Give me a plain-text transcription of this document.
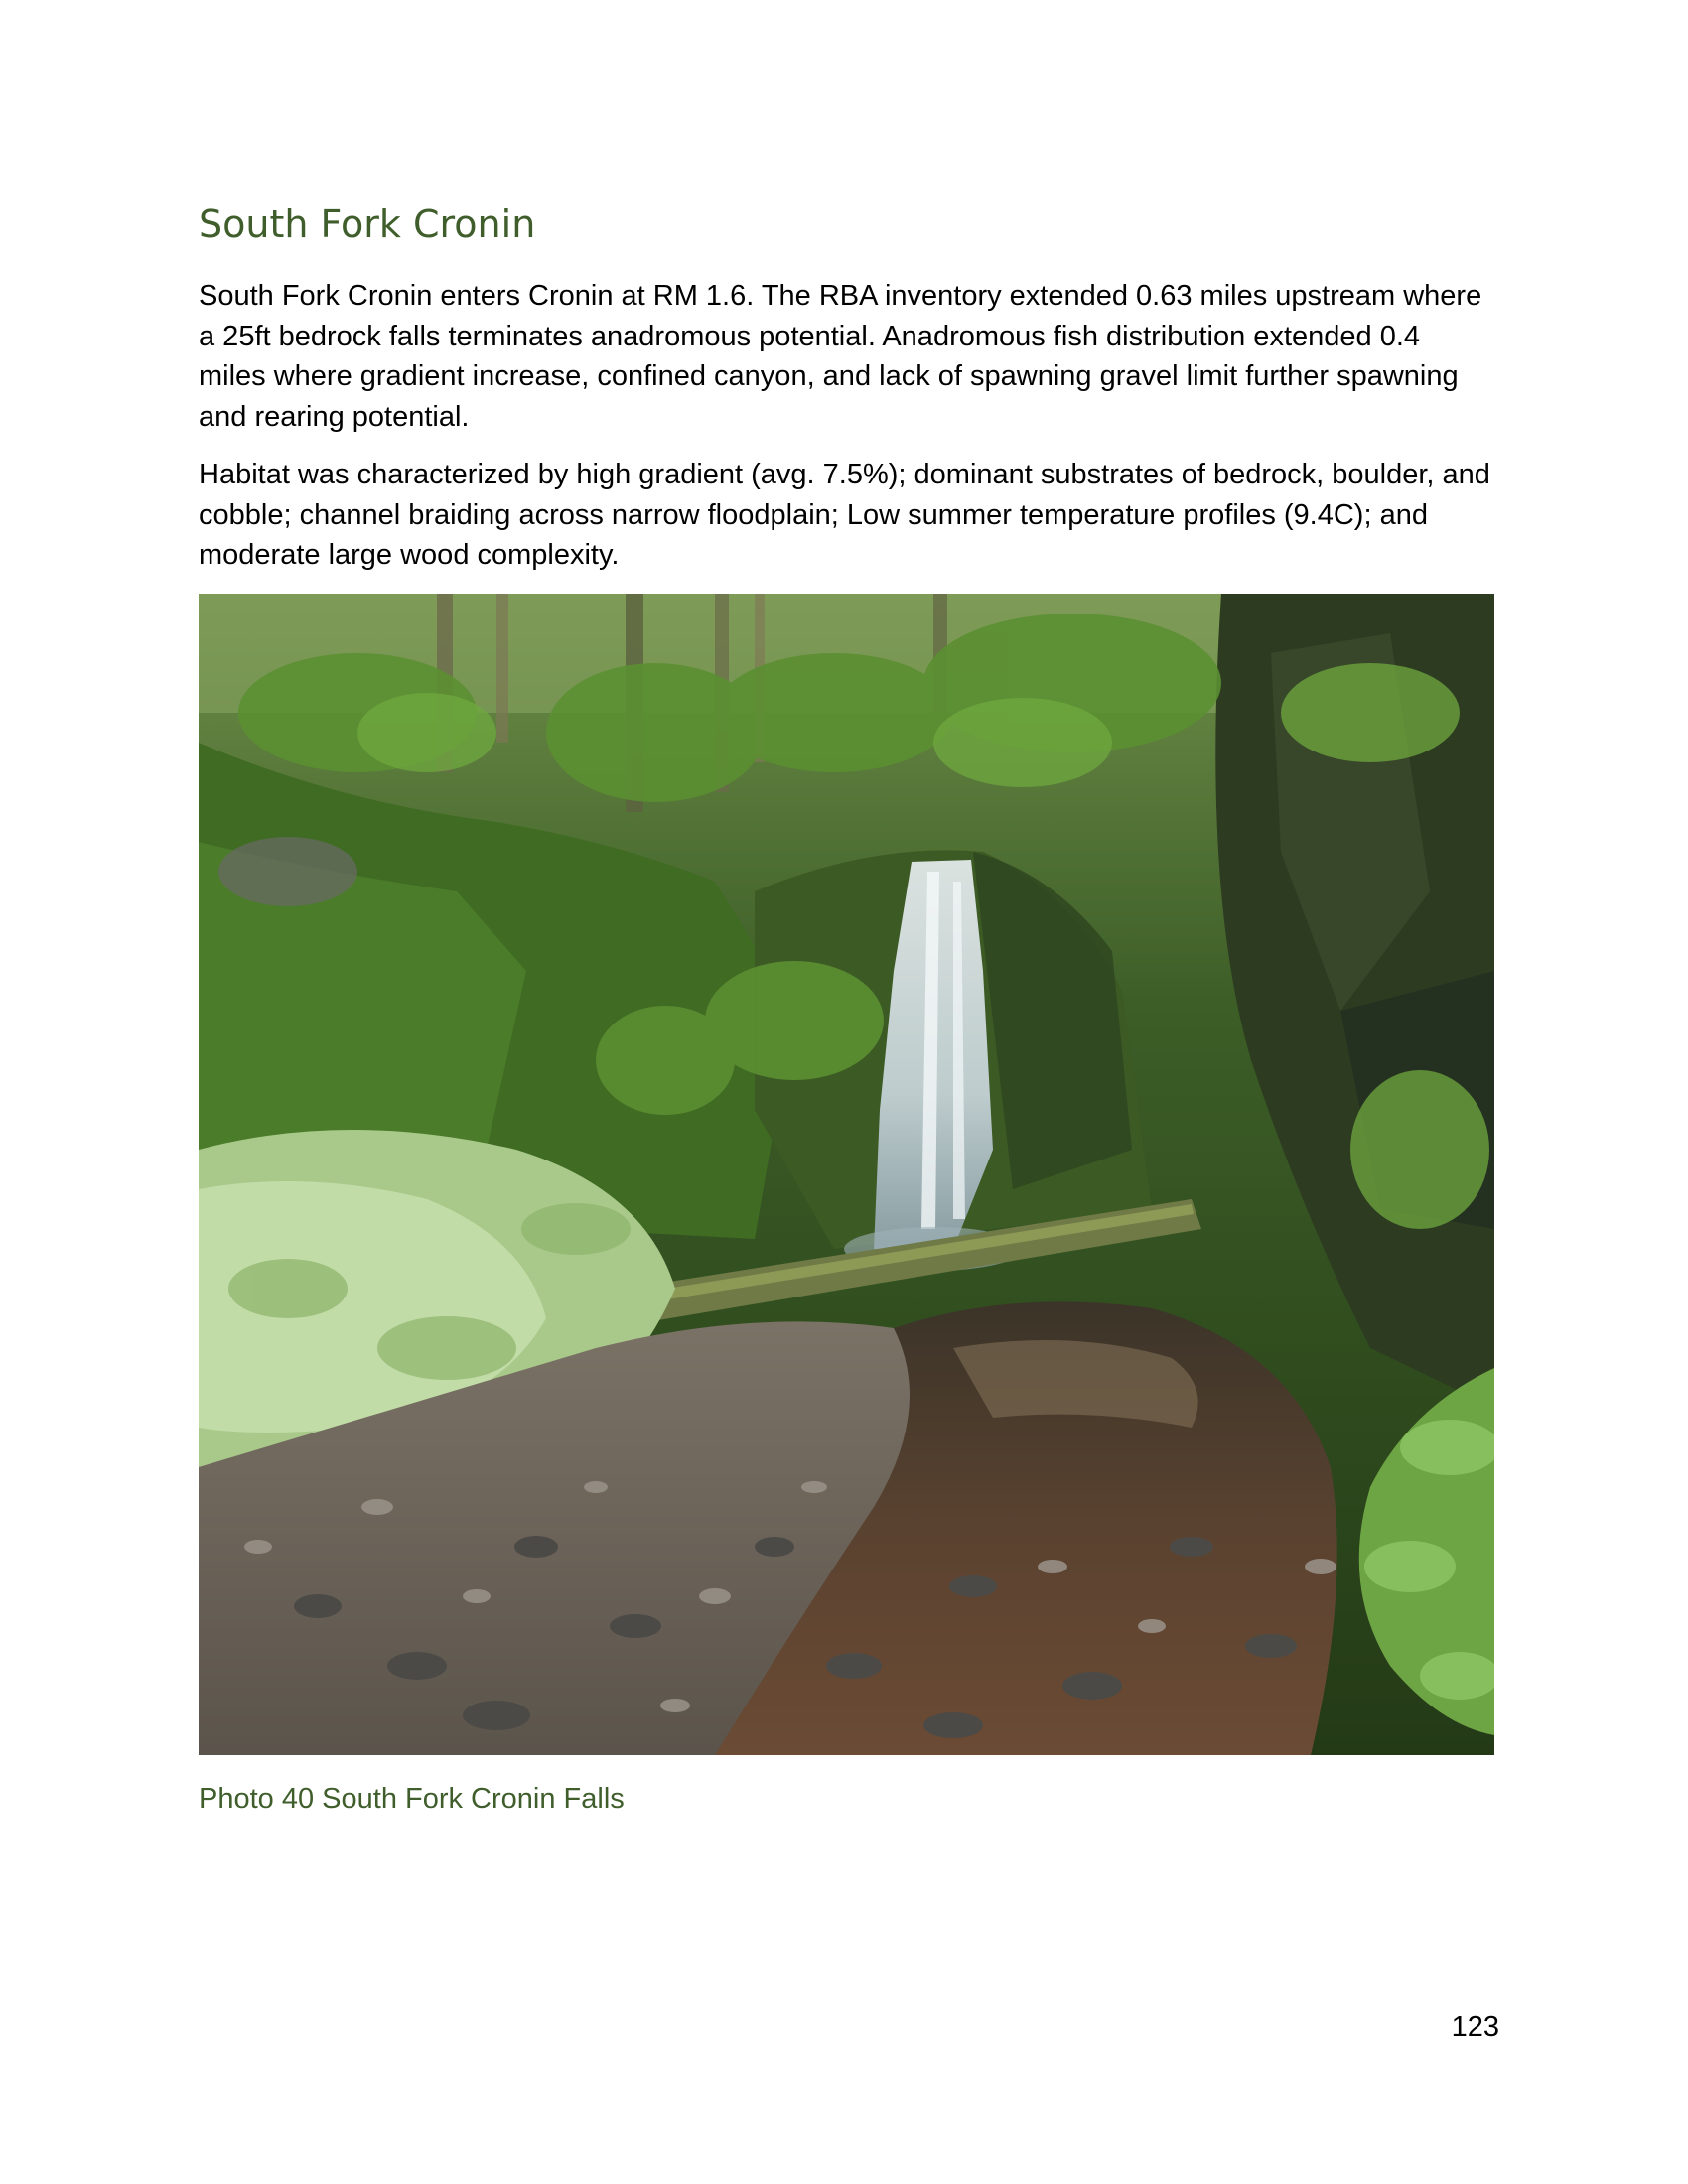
South Fork Cronin

South Fork Cronin enters Cronin at RM 1.6. The RBA inventory extended 0.63 miles upstream where a 25ft bedrock falls terminates anadromous potential. Anadromous fish distribution extended 0.4 miles where gradient increase, confined canyon, and lack of spawning gravel limit further spawning and rearing potential.

Habitat was characterized by high gradient (avg. 7.5%); dominant substrates of bedrock, boulder, and cobble; channel braiding across narrow floodplain; Low summer temperature profiles (9.4C); and moderate large wood complexity.

Photo 40 South Fork Cronin Falls

123
